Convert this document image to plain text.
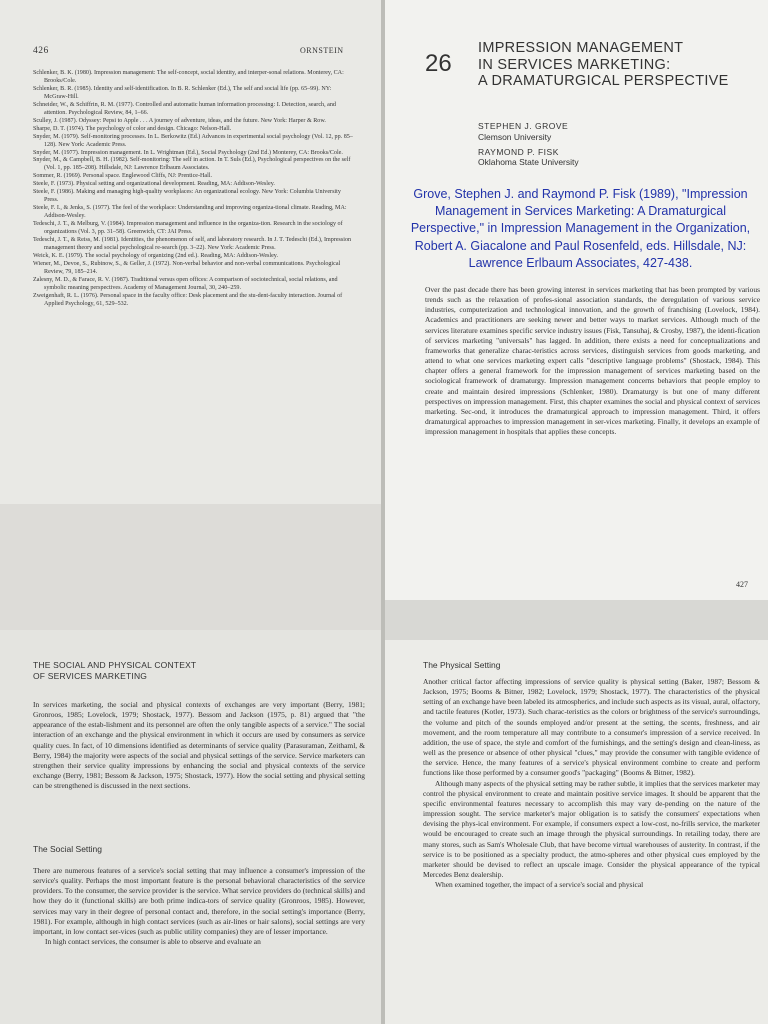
426	ORNSTEIN
Schlenker, B. K. (1980). Impression management: The self-concept, social identity, and interper-sonal relations. Monterey, CA: Brooks/Cole.
Schlenker, B. R. (1985). Identity and self-identification. In B. R. Schlenker (Ed.), The self and social life (pp. 65–99). NY: McGraw-Hill.
Schneider, W., & Schiffrin, R. M. (1977). Controlled and automatic human information processing: I. Detection, search, and attention. Psychological Review, 84, 1–66.
Sculley, J. (1987). Odyssey: Pepsi to Apple . . . A journey of adventure, ideas, and the future. New York: Harper & Row.
Sharpe, D. T. (1974). The psychology of color and design. Chicago: Nelson-Hall.
Snyder, M. (1979). Self-monitoring processes. In L. Berkowitz (Ed.) Advances in experimental social psychology (Vol. 12, pp. 85–128). New York: Academic Press.
Snyder, M. (1977). Impression management. In L. Wrightman (Ed.), Social Psychology (2nd Ed.) Monterey, CA: Brooks/Cole.
Snyder, M., & Campbell, B. H. (1982). Self-monitoring: The self in action. In T. Suls (Ed.), Psychological perspectives on the self (Vol. 1, pp. 185–208). Hillsdale, NJ: Lawrence Erlbaum Associates.
Sommer, R. (1969). Personal space. Englewood Cliffs, NJ: Prentice-Hall.
Steele, F. (1973). Physical setting and organizational development. Reading, MA: Addison-Wesley.
Steele, F. (1986). Making and managing high-quality workplaces: An organizational ecology. New York: Columbia University Press.
Steele, F. I., & Jenks, S. (1977). The feel of the workplace: Understanding and improving organiza-tional climate. Reading, MA: Addison-Wesley.
Tedeschi, J. T., & Melburg, V. (1984). Impression management and influence in the organiza-tion. Research in the sociology of organizations (Vol. 3, pp. 31–58). Greenwich, CT: JAI Press.
Tedeschi, J. T., & Reiss, M. (1981). Identities, the phenomenon of self, and laboratory research. In J. T. Tedeschi (Ed.), Impression management theory and social psychological re-search (pp. 3–22). New York: Academic Press.
Weick, K. E. (1979). The social psychology of organizing (2nd ed.). Reading, MA: Addison-Wesley.
Wiener, M., Devoe, S., Rubinow, S., & Geller, J. (1972). Non-verbal behavior and non-verbal communications. Psychological Review, 79, 185–214.
Zalesny, M. D., & Farace, R. V. (1987). Traditional versus open offices: A comparison of sociotechnical, social relations, and symbolic meaning perspectives. Academy of Management Journal, 30, 240–259.
Zweigenhaft, R. L. (1976). Personal space in the faculty office: Desk placement and the stu-dent-faculty interaction. Journal of Applied Psychology, 61, 529–532.
26
IMPRESSION MANAGEMENT
IN SERVICES MARKETING:
A DRAMATURGICAL PERSPECTIVE
STEPHEN J. GROVE
Clemson University
RAYMOND P. FISK
Oklahoma State University
Grove, Stephen J. and Raymond P. Fisk (1989), "Impression Management in Services Marketing: A Dramaturgical Perspective," in Impression Management in the Organization, Robert A. Giacalone and Paul Rosenfeld, eds. Hillsdale, NJ: Lawrence Erlbaum Associates, 427-438.

Over the past decade there has been growing interest in services marketing that has been prompted by various trends such as the relaxation of profes-sional association standards, the deregulation of various service industries, computerization and technological innovation, and the growth of franchising (Lovelock, 1984). Academics and practitioners are seeking newer and better ways to market services. Although much of the services literature examines specific service industry issues (Fisk, Tansuhaj, & Crosby, 1987), the identi-fication of services marketing "universals" has lagged. In addition, there exists a need for conceptualizations and frameworks that generalize charac-teristics across services, distinguish services from goods marketing, and attend to what one services marketing expert calls "descriptive language problems" (Shostack, 1984). This chapter offers a general framework for the impression management of services marketing based on the sociological framework of dramaturgy. Impression management concerns behaviors that people employ to create and maintain desired impressions (Schlenker, 1980). Dramaturgy is but one of many different perspectives on impression management. First, this chapter examines the social and physical context of services marketing. Sec-ond, it introduces the dramaturgical approach to impression management. Third, it offers dramaturgical approaches to impression management in ser-vices marketing. Finally, it develops an example of impression management in hospitals that applies these concepts.

427
THE SOCIAL AND PHYSICAL CONTEXT
OF SERVICES MARKETING

In services marketing, the social and physical contexts of exchanges are very important (Berry, 1981; Gronroos, 1985; Lovelock, 1979; Shostack, 1977). Bessom and Jackson (1975, p. 81) argued that "the appearance of the estab-lishment and its personnel are often the only tangible aspects of a service." The social interaction of an exchange and the physical environment in which it occurs are used by consumers as service quality cues. In fact, of 10 dimensions identified as determinants of service quality (Parasuraman, Zeithaml, & Berry, 1984) the majority were aspects of the social and physical settings of the service. Service marketers can strengthen their service quality impressions by enhancing the social and physical contexts of the service exchange (Berry, 1981; Bessom & Jackson, 1975; Shostack, 1977). How the social setting and physical setting can be strengthened is discussed in the next sections.

The Social Setting

There are numerous features of a service's social setting that may influence a consumer's impression of the service's quality. Perhaps the most important feature is the personal behavioral characteristics of the service providers. To the consumer, the service provider is the service. What service providers do (technical skills) and how they do it (functional skills) are both prime indica-tors of service quality (Gronroos, 1985). However, services may vary in their degree of personal contact and, therefore, in the social setting's importance (Berry, 1981). For example, although in high contact services (such as air-lines or hair salons), social settings are very important, in low contact ser-vices (such as public utility companies) they are of lesser importance.

In high contact services, the consumer is able to observe and evaluate an

The Physical Setting

Another critical factor affecting impressions of service quality is physical setting (Baker, 1987; Bessom & Jackson, 1975; Booms & Bitner, 1982; Lovelock, 1979; Shostack, 1977). The characteristics of the physical setting of an exchange have been labeled its atmospherics, and include such aspects as its visual, aural, olfactory, and tactile features (Kotler, 1973). Such charac-teristics as the colors or brightness of the service's surroundings, the volume and pitch of the sounds employed and/or present at the setting, the scents, freshness, and air movement, and the room temperature all may contribute to a consumer's impression of a service received. In addition, the use of space, the style and comfort of the furnishings, and the setting's design and clean-liness, as well as the presence or absence of other physical "clues," may provide the consumer with tangible evidence of the service. Hence, the many features of a service's physical environment combine to create and perform functions like those performed by a consumer good's "packaging" (Booms & Bitner, 1982).

Although many aspects of the physical setting may be rather subtle, it implies that the services marketer may control the physical environment to create and maintain positive service images. It should be apparent that the specific environmental features necessary to accomplish this may vary de-pending on the nature of the impression sought. The service marketer's major obligation is to satisfy the consumers' expectations when devising the phys-ical environment. For example, if consumers expect a low-cost, no-frills service, the marketer would be encouraged to create such an image through the physical surroundings. In retailing today, there are many stores, such as Sam's Wholesale Club, that have become virtual warehouses of austerity. In contrast, if the service is to be positioned as a specialty product, the atmo-spheres and other physical cues employed by the marketer should be devised to reflect an upscale image. Consider the physical appearance of the typical Mercedes Benz dealership.

When examined together, the impact of a service's social and physical
